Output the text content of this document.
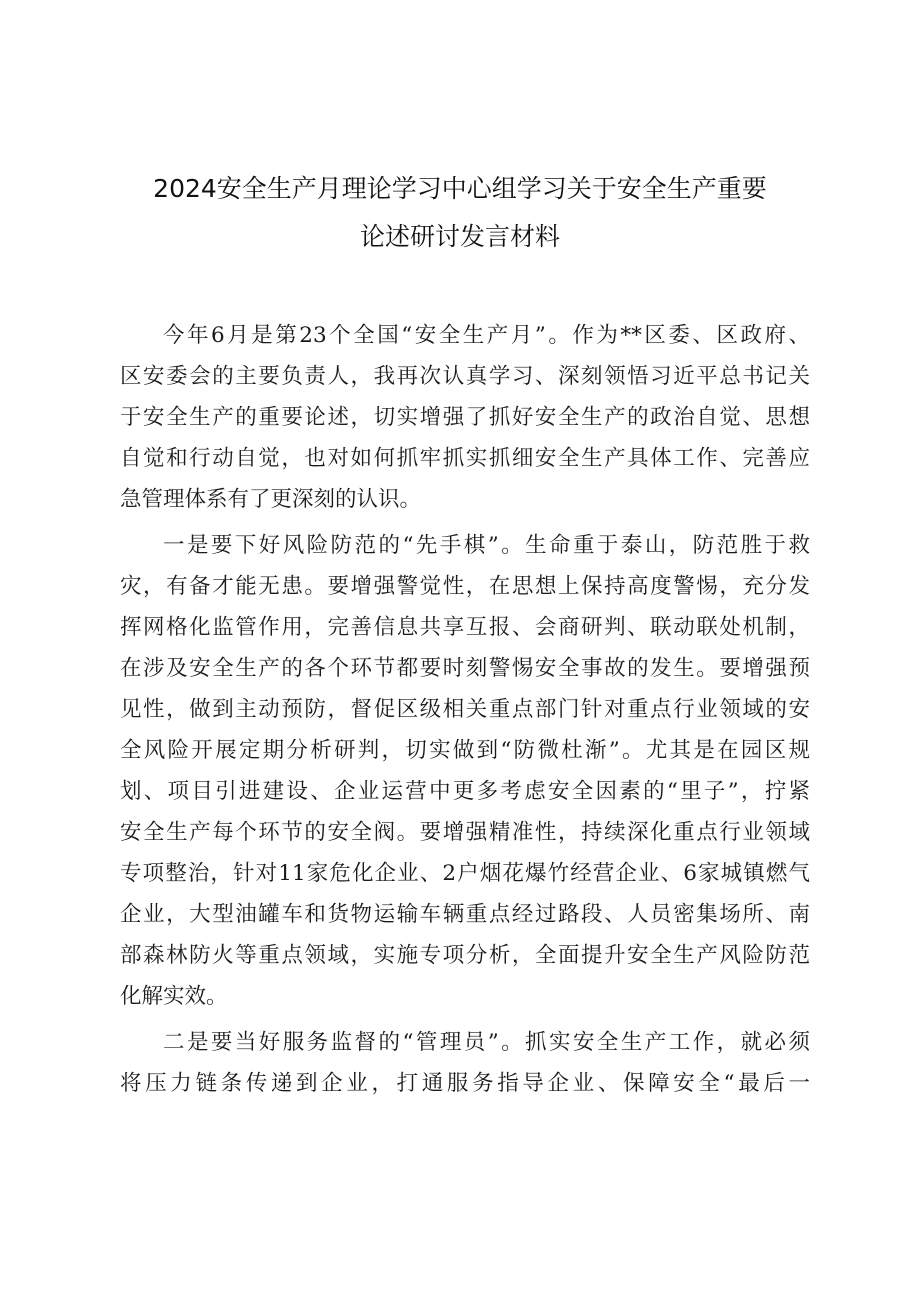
2024安全生产月理论学习中心组学习关于安全生产重要
论述研讨发言材料
今年6月是第23个全国“安全生产月”。作为**区委、区政府、
区安委会的主要负责人，我再次认真学习、深刻领悟习近平总书记关
于安全生产的重要论述，切实增强了抓好安全生产的政治自觉、思想
自觉和行动自觉，也对如何抓牢抓实抓细安全生产具体工作、完善应
急管理体系有了更深刻的认识。
一是要下好风险防范的“先手棋”。生命重于泰山，防范胜于救
灾，有备才能无患。要增强警觉性，在思想上保持高度警惕，充分发
挥网格化监管作用，完善信息共享互报、会商研判、联动联处机制，
在涉及安全生产的各个环节都要时刻警惕安全事故的发生。要增强预
见性，做到主动预防，督促区级相关重点部门针对重点行业领域的安
全风险开展定期分析研判，切实做到“防微杜渐”。尤其是在园区规
划、项目引进建设、企业运营中更多考虑安全因素的“里子”，拧紧
安全生产每个环节的安全阀。要增强精准性，持续深化重点行业领域
专项整治，针对11家危化企业、2户烟花爆竹经营企业、6家城镇燃气
企业，大型油罐车和货物运输车辆重点经过路段、人员密集场所、南
部森林防火等重点领域，实施专项分析，全面提升安全生产风险防范
化解实效。
二是要当好服务监督的“管理员”。抓实安全生产工作，就必须
将压力链条传递到企业，打通服务指导企业、保障安全“最后一
